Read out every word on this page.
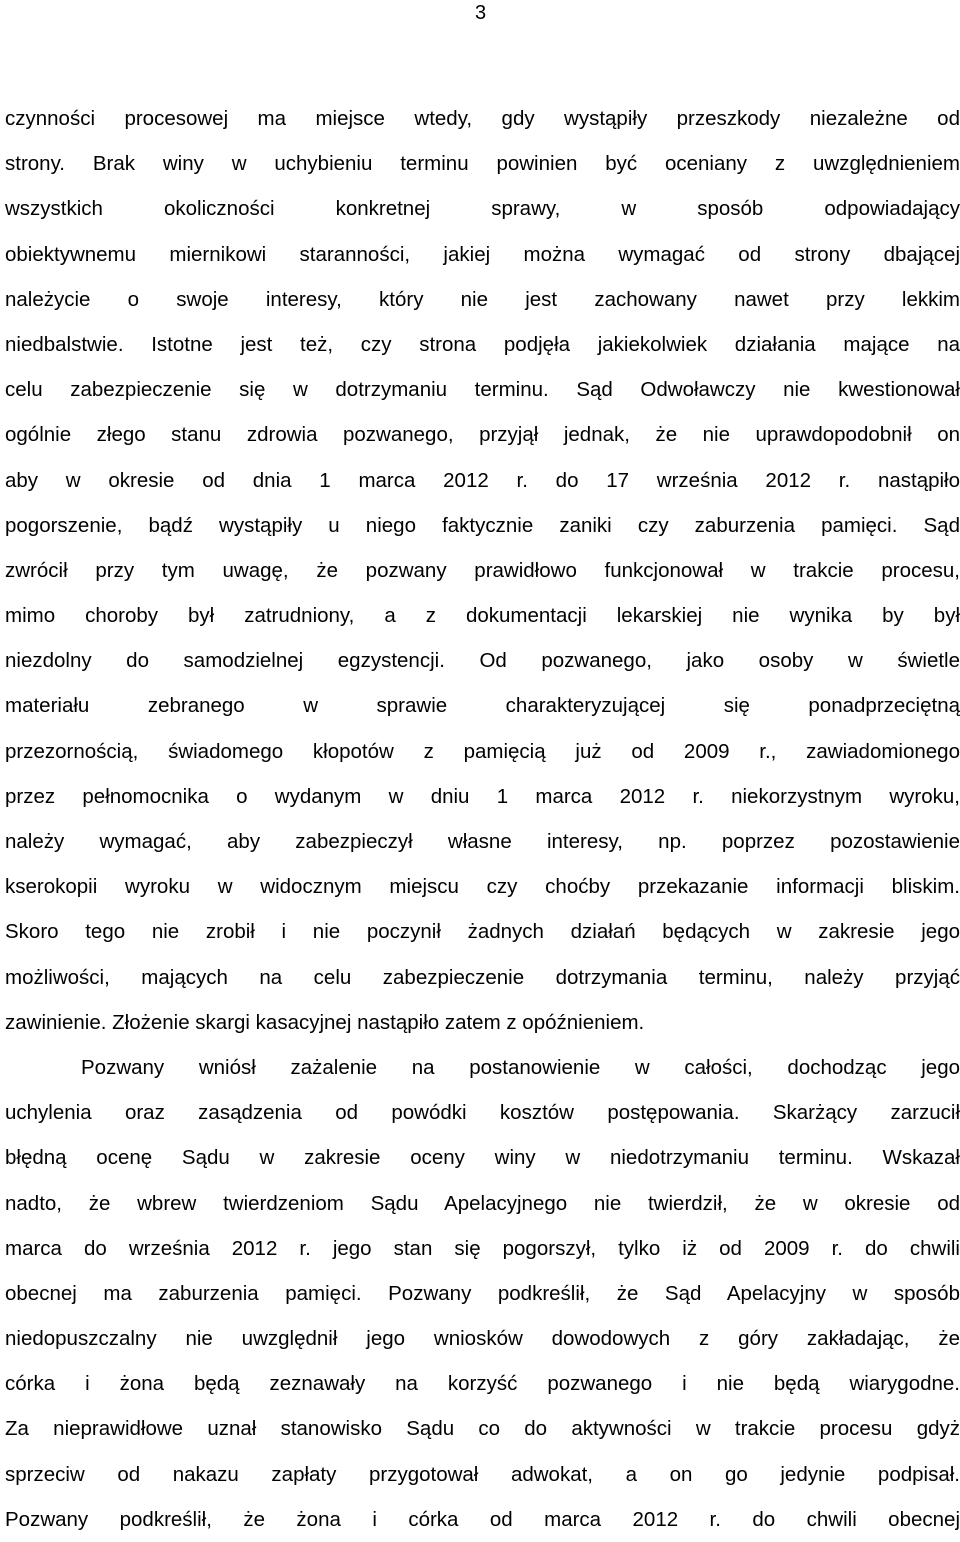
3
czynności procesowej ma miejsce wtedy, gdy wystąpiły przeszkody niezależne od
strony. Brak winy w uchybieniu terminu powinien być oceniany z uwzględnieniem
wszystkich okoliczności konkretnej sprawy, w sposób odpowiadający
obiektywnemu miernikowi staranności, jakiej można wymagać od strony dbającej
należycie o swoje interesy, który nie jest zachowany nawet przy lekkim
niedbalstwie. Istotne jest też, czy strona podjęła jakiekolwiek działania mające na
celu zabezpieczenie się w dotrzymaniu terminu. Sąd Odwoławczy nie kwestionował
ogólnie złego stanu zdrowia pozwanego, przyjął jednak, że nie uprawdopodobnił on
aby w okresie od dnia 1 marca 2012 r. do 17 września 2012 r. nastąpiło
pogorszenie, bądź wystąpiły u niego faktycznie zaniki czy zaburzenia pamięci. Sąd
zwrócił przy tym uwagę, że pozwany prawidłowo funkcjonował w trakcie procesu,
mimo choroby był zatrudniony, a z dokumentacji lekarskiej nie wynika by był
niezdolny do samodzielnej egzystencji. Od pozwanego, jako osoby w świetle
materiału zebranego w sprawie charakteryzującej się ponadprzeciętną
przezornością, świadomego kłopotów z pamięcią już od 2009 r., zawiadomionego
przez pełnomocnika o wydanym w dniu 1 marca 2012 r. niekorzystnym wyroku,
należy wymagać, aby zabezpieczył własne interesy, np. poprzez pozostawienie
kserokopii wyroku w widocznym miejscu czy choćby przekazanie informacji bliskim.
Skoro tego nie zrobił i nie poczynił żadnych działań będących w zakresie jego
możliwości, mających na celu zabezpieczenie dotrzymania terminu, należy przyjąć
zawinienie. Złożenie skargi kasacyjnej nastąpiło zatem z opóźnieniem.
Pozwany wniósł zażalenie na postanowienie w całości, dochodząc jego
uchylenia oraz zasądzenia od powódki kosztów postępowania. Skarżący zarzucił
błędną ocenę Sądu w zakresie oceny winy w niedotrzymaniu terminu. Wskazał
nadto, że wbrew twierdzeniom Sądu Apelacyjnego nie twierdził, że w okresie od
marca do września 2012 r. jego stan się pogorszył, tylko iż od 2009 r. do chwili
obecnej ma zaburzenia pamięci. Pozwany podkreślił, że Sąd Apelacyjny w sposób
niedopuszczalny nie uwzględnił jego wniosków dowodowych z góry zakładając, że
córka i żona będą zeznawały na korzyść pozwanego i nie będą wiarygodne.
Za nieprawidłowe uznał stanowisko Sądu co do aktywności w trakcie procesu gdyż
sprzeciw od nakazu zapłaty przygotował adwokat, a on go jedynie podpisał.
Pozwany podkreślił, że żona i córka od marca 2012 r. do chwili obecnej
